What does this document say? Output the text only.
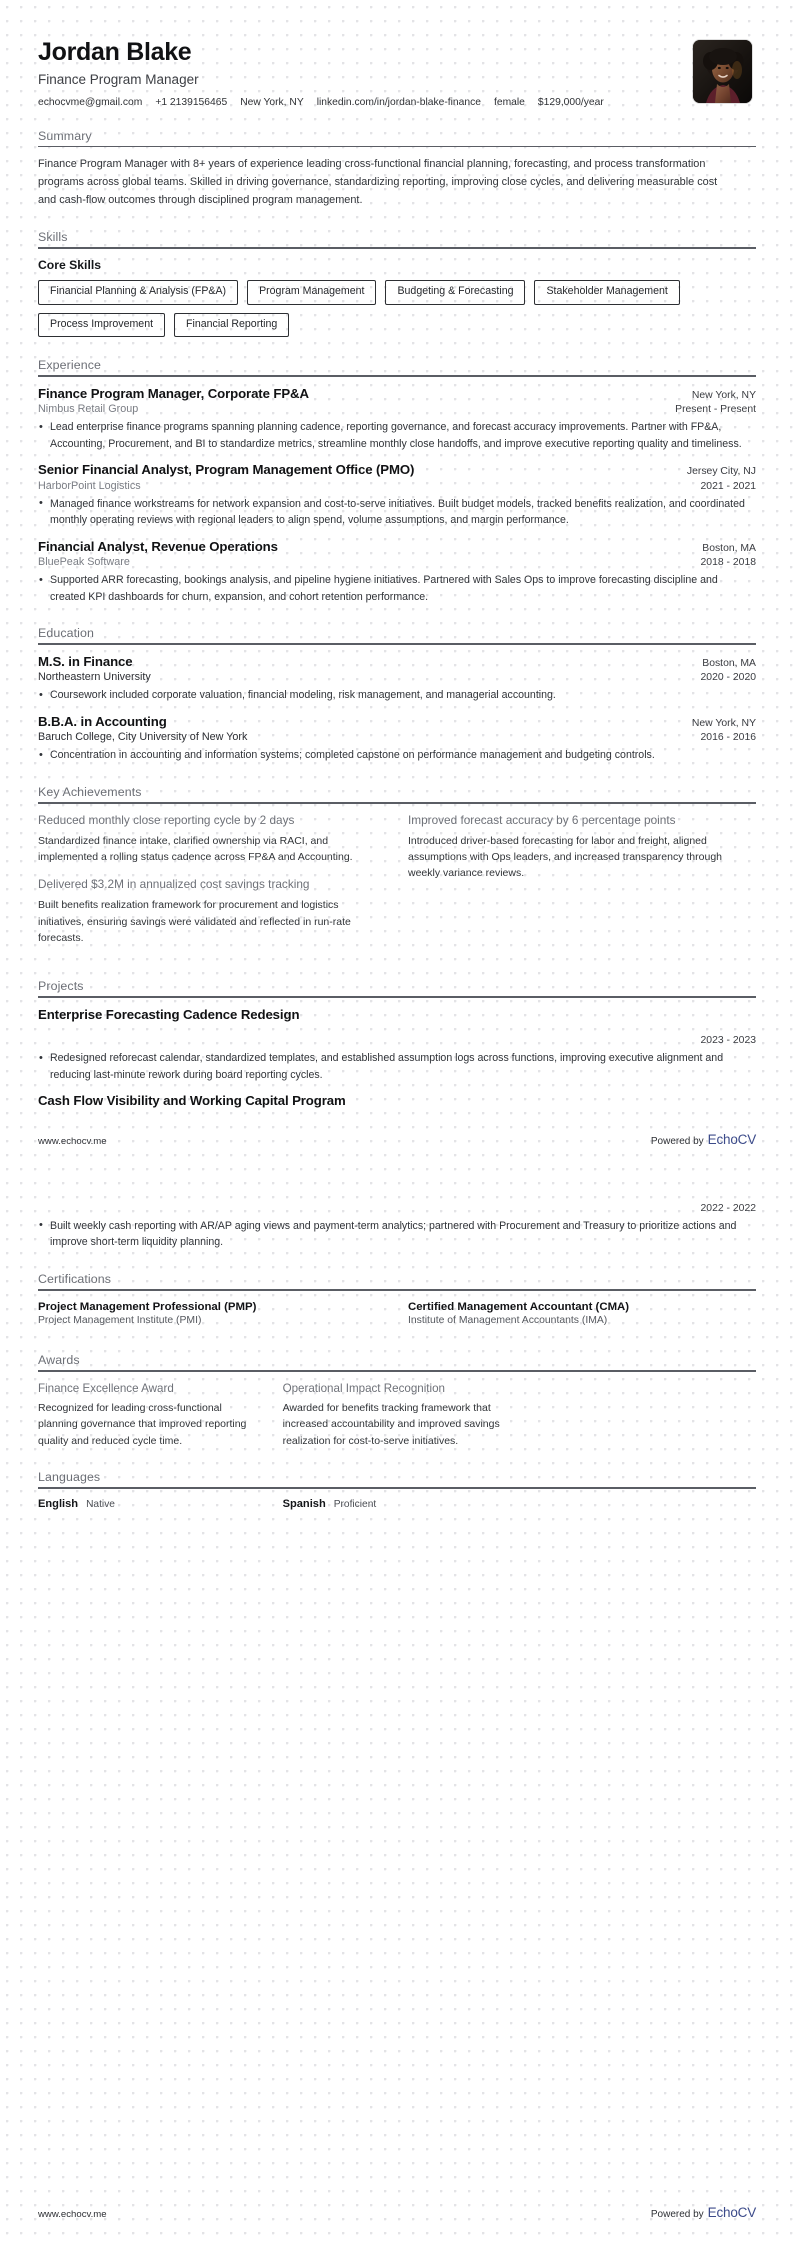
Jordan Blake
Finance Program Manager
echocvme@gmail.com +1 2139156465 New York, NY linkedin.com/in/jordan-blake-finance female $129,000/year
Summary

Finance Program Manager with 8+ years of experience leading cross-functional financial planning, forecasting, and process transformation programs across global teams. Skilled in driving governance, standardizing reporting, improving close cycles, and delivering measurable cost and cash-flow outcomes through disciplined program management.

Skills
Core Skills
Financial Planning & Analysis (FP&A)	Program Management	Budgeting & Forecasting	Stakeholder Management
Process Improvement	Financial Reporting
Experience
Finance Program Manager, Corporate FP&A	New York, NY
Nimbus Retail Group	Present - Present
• Lead enterprise finance programs spanning planning cadence, reporting governance, and forecast accuracy improvements. Partner with FP&A, Accounting, Procurement, and BI to standardize metrics, streamline monthly close handoffs, and improve executive reporting quality and timeliness.
Senior Financial Analyst, Program Management Office (PMO)	Jersey City, NJ
HarborPoint Logistics	2021 - 2021
• Managed finance workstreams for network expansion and cost-to-serve initiatives. Built budget models, tracked benefits realization, and coordinated monthly operating reviews with regional leaders to align spend, volume assumptions, and margin performance.
Financial Analyst, Revenue Operations	Boston, MA
BluePeak Software	2018 - 2018
• Supported ARR forecasting, bookings analysis, and pipeline hygiene initiatives. Partnered with Sales Ops to improve forecasting discipline and created KPI dashboards for churn, expansion, and cohort retention performance.
Education
M.S. in Finance	Boston, MA
Northeastern University	2020 - 2020
• Coursework included corporate valuation, financial modeling, risk management, and managerial accounting.
B.B.A. in Accounting	New York, NY
Baruch College, City University of New York	2016 - 2016
• Concentration in accounting and information systems; completed capstone on performance management and budgeting controls.
Key Achievements
Reduced monthly close reporting cycle by 2 days
Standardized finance intake, clarified ownership via RACI, and implemented a rolling status cadence across FP&A and Accounting.
Delivered $3.2M in annualized cost savings tracking
Built benefits realization framework for procurement and logistics initiatives, ensuring savings were validated and reflected in run-rate forecasts.
Improved forecast accuracy by 6 percentage points
Introduced driver-based forecasting for labor and freight, aligned assumptions with Ops leaders, and increased transparency through weekly variance reviews.
Projects
Enterprise Forecasting Cadence Redesign
2023 - 2023
• Redesigned reforecast calendar, standardized templates, and established assumption logs across functions, improving executive alignment and reducing last-minute rework during board reporting cycles.
Cash Flow Visibility and Working Capital Program
www.echocv.me	Powered by EchoCV
2022 - 2022
• Built weekly cash reporting with AR/AP aging views and payment-term analytics; partnered with Procurement and Treasury to prioritize actions and improve short-term liquidity planning.
Certifications
Project Management Professional (PMP)
Project Management Institute (PMI)
Certified Management Accountant (CMA)
Institute of Management Accountants (IMA)
Awards
Finance Excellence Award
Recognized for leading cross-functional planning governance that improved reporting quality and reduced cycle time.
Operational Impact Recognition
Awarded for benefits tracking framework that increased accountability and improved savings realization for cost-to-serve initiatives.
Languages
English Native	Spanish Proficient
www.echocv.me	Powered by EchoCV
